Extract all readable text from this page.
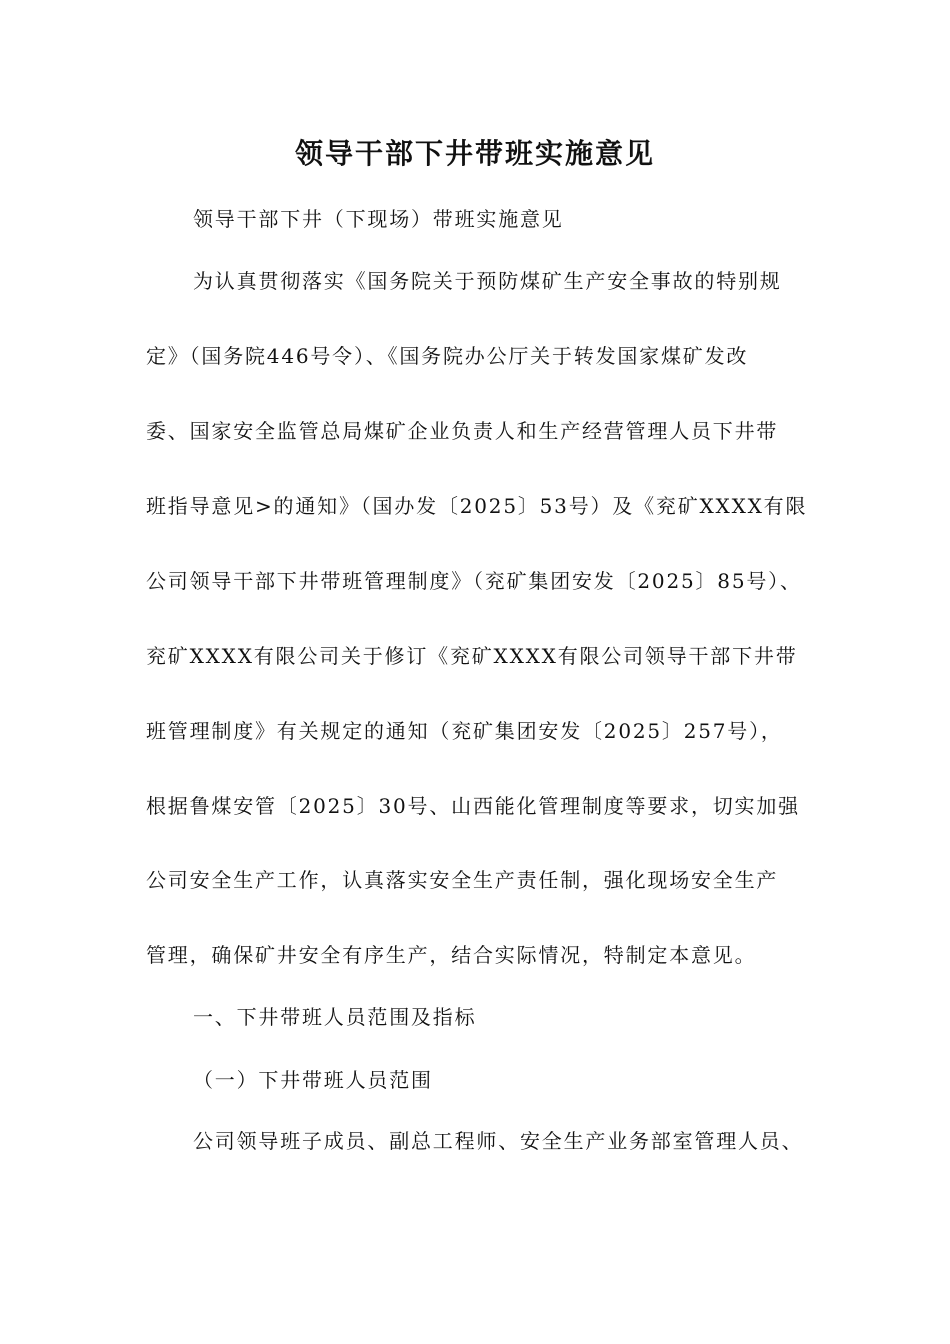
领导干部下井带班实施意见
领导干部下井（下现场）带班实施意见
为认真贯彻落实《国务院关于预防煤矿生产安全事故的特别规
定》（国务院446号令）、《国务院办公厅关于转发国家煤矿发改
委、国家安全监管总局煤矿企业负责人和生产经营管理人员下井带
班指导意见>的通知》（国办发〔2025〕53号）及《兖矿XXXX有限
公司领导干部下井带班管理制度》（兖矿集团安发〔2025〕85号）、
兖矿XXXX有限公司关于修订《兖矿XXXX有限公司领导干部下井带
班管理制度》有关规定的通知（兖矿集团安发〔2025〕257号），
根据鲁煤安管〔2025〕30号、山西能化管理制度等要求，切实加强
公司安全生产工作，认真落实安全生产责任制，强化现场安全生产
管理，确保矿井安全有序生产，结合实际情况，特制定本意见。
一、下井带班人员范围及指标
（一）下井带班人员范围
公司领导班子成员、副总工程师、安全生产业务部室管理人员、
